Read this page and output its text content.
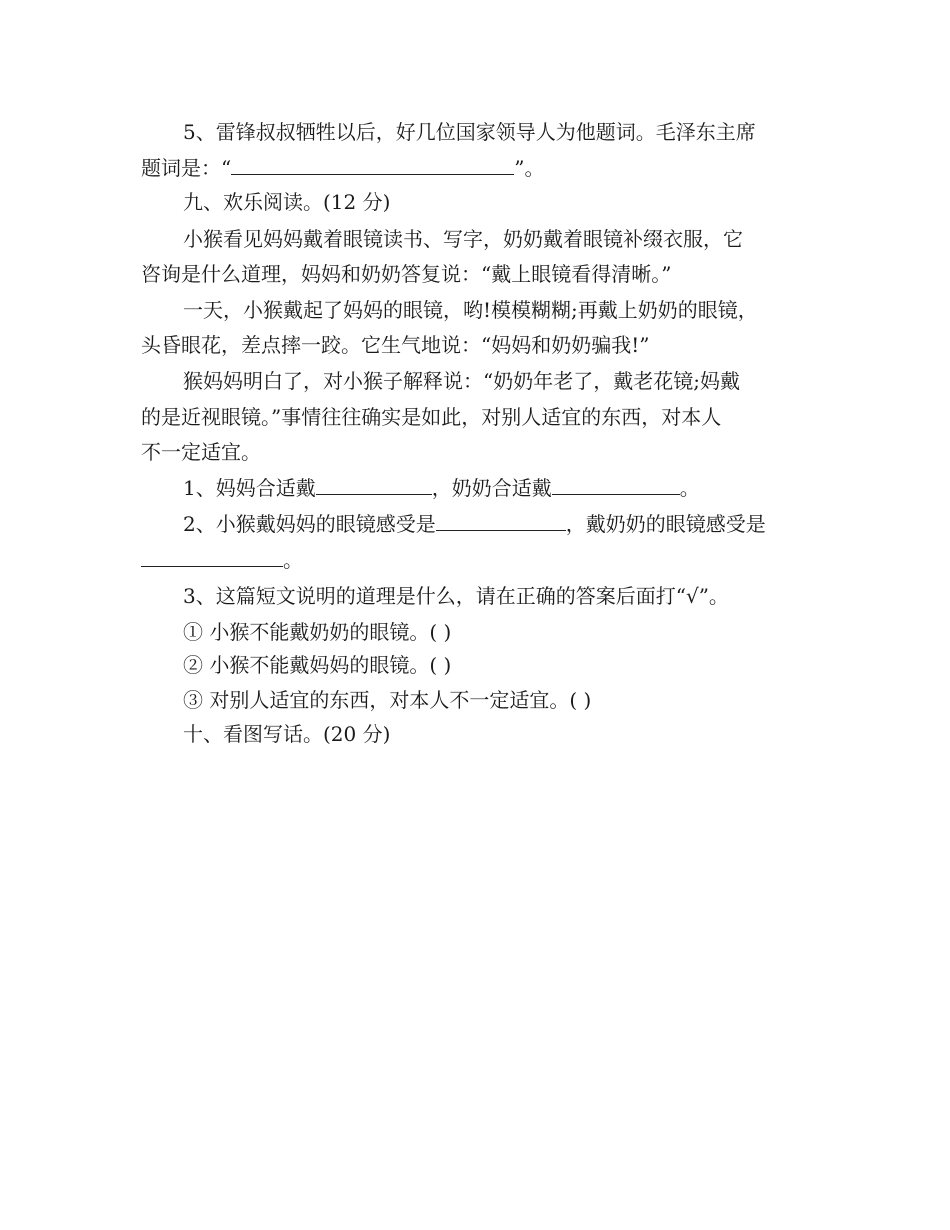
5、雷锋叔叔牺牲以后，好几位国家领导人为他题词。毛泽东主席
题词是：“	”。
九、欢乐阅读。(12 分)
小猴看见妈妈戴着眼镜读书、写字，奶奶戴着眼镜补缀衣服，它
咨询是什么道理，妈妈和奶奶答复说：“戴上眼镜看得清晰。”
一天，小猴戴起了妈妈的眼镜，哟!模模糊糊;再戴上奶奶的眼镜，
头昏眼花，差点摔一跤。它生气地说：“妈妈和奶奶骗我!”
猴妈妈明白了，对小猴子解释说：“奶奶年老了，戴老花镜;妈戴
的是近视眼镜。”事情往往确实是如此，对别人适宜的东西，对本人
不一定适宜。
1、妈妈合适戴	，奶奶合适戴	。
2、小猴戴妈妈的眼镜感受是	，戴奶奶的眼镜感受是
。
3、这篇短文说明的道理是什么，请在正确的答案后面打“√”。
① 小猴不能戴奶奶的眼镜。( )
② 小猴不能戴妈妈的眼镜。( )
③ 对别人适宜的东西，对本人不一定适宜。( )
十、看图写话。(20 分)
